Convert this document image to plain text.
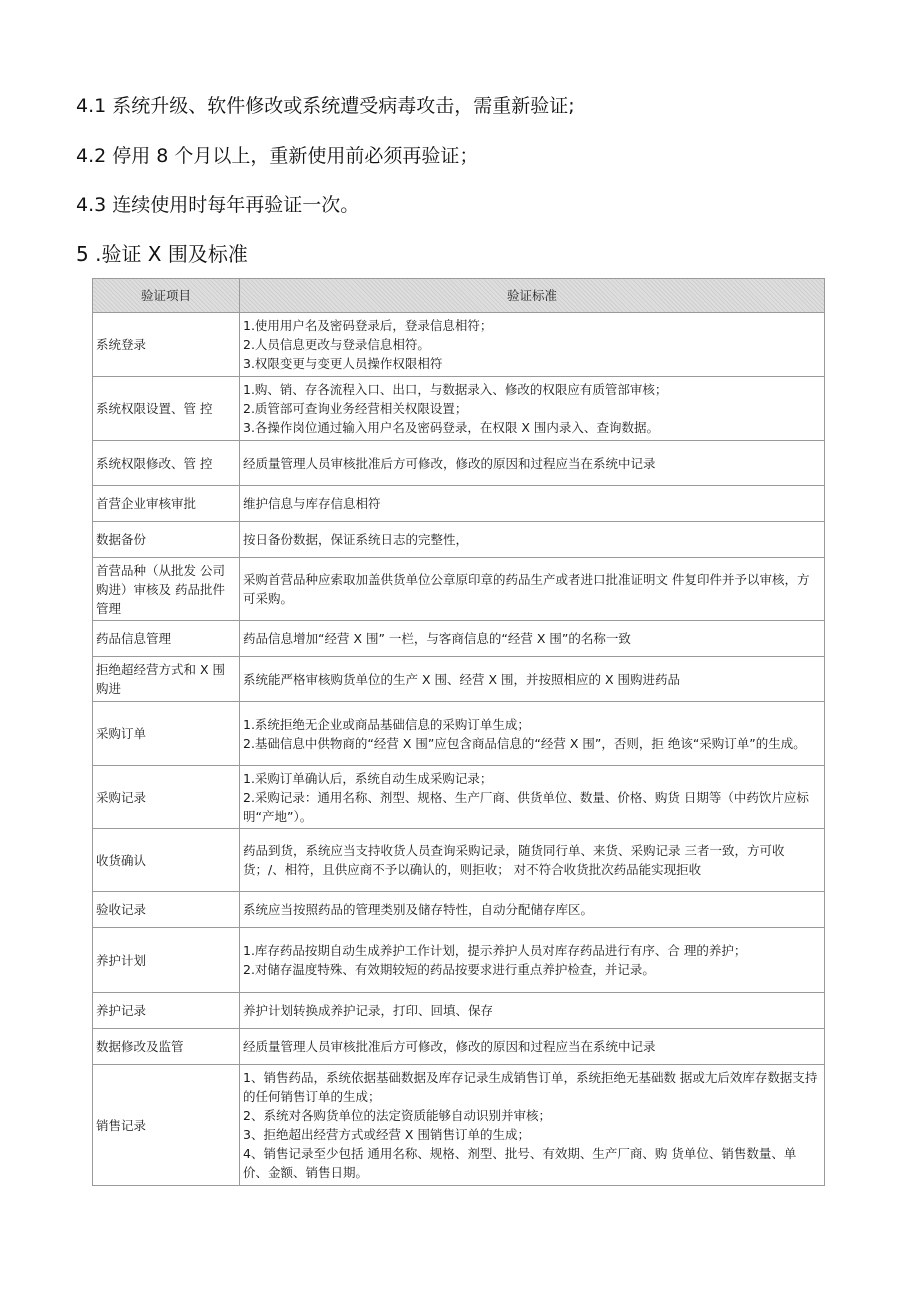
4.1 系统升级、软件修改或系统遭受病毒攻击，需重新验证;
4.2 停用 8 个月以上，重新使用前必须再验证；
4.3 连续使用时每年再验证一次。
5 .验证 X 围及标准
验证项目	验证标准
系统登录	1.使用用户名及密码登录后，登录信息相符；
2.人员信息更改与登录信息相符。
3.权限变更与变更人员操作权限相符

系统权限设置、管 控	1.购、销、存各流程入口、出口，与数据录入、修改的权限应有质管部审核；
2.质管部可查询业务经营相关权限设置；
3.各操作岗位通过输入用户名及密码登录，在权限 X 围内录入、查询数据。

系统权限修改、管 控	经质量管理人员审核批准后方可修改，修改的原因和过程应当在系统中记录

首营企业审核审批	维护信息与库存信息相符

数据备份	按日备份数据，保证系统日志的完整性，

首营品种（从批发 公司购进）审核及 药品批件管理	采购首营品种应索取加盖供货单位公章原印章的药品生产或者进口批准证明文 件复印件并予以审核，方可采购。

药品信息管理	药品信息增加“经营 X 围” 一栏，与客商信息的“经营 X 围”的名称一致

拒绝超经营方式和 X 围购进	系统能严格审核购货单位的生产 X 围、经营 X 围，并按照相应的 X 围购进药品

采购订单	1.系统拒绝无企业或商品基础信息的采购订单生成；
2.基础信息中供物商的“经营 X 围”应包含商品信息的“经营 X 围”，否则，拒 绝该“采购订单”的生成。

采购记录	1.采购订单确认后，系统自动生成采购记录；
2.采购记录：通用名称、剂型、规格、生产厂商、供货单位、数量、价格、购货 日期等（中药饮片应标明“产地”）。

收货确认	药品到货，系统应当支持收货人员查询采购记录，随货同行单、来货、采购记录 三者一致，方可收货；/、相符，且供应商不予以确认的，则拒收； 对不符合收货批次药品能实现拒收

验收记录	系统应当按照药品的管理类别及储存特性，自动分配储存库区。

养护计划	1.库存药品按期自动生成养护工作计划，提示养护人员对库存药品进行有序、合 理的养护；
2.对储存温度特殊、有效期较短的药品按要求进行重点养护检查，并记录。

养护记录	养护计划转换成养护记录，打印、回填、保存

数据修改及监管	经质量管理人员审核批准后方可修改，修改的原因和过程应当在系统中记录

销售记录	1、销售药品，系统依据基础数据及库存记录生成销售订单，系统拒绝无基础数 据或尢后效库存数据支持的任何销售订单的生成；
2、系统对各购货单位的法定资质能够自动识别并审核；
3、拒绝超出经营方式或经营 X 围销售订单的生成；
4、销售记录至少包括 通用名称、规格、剂型、批号、有效期、生产厂商、购 货单位、销售数量、单价、金额、销售日期。
